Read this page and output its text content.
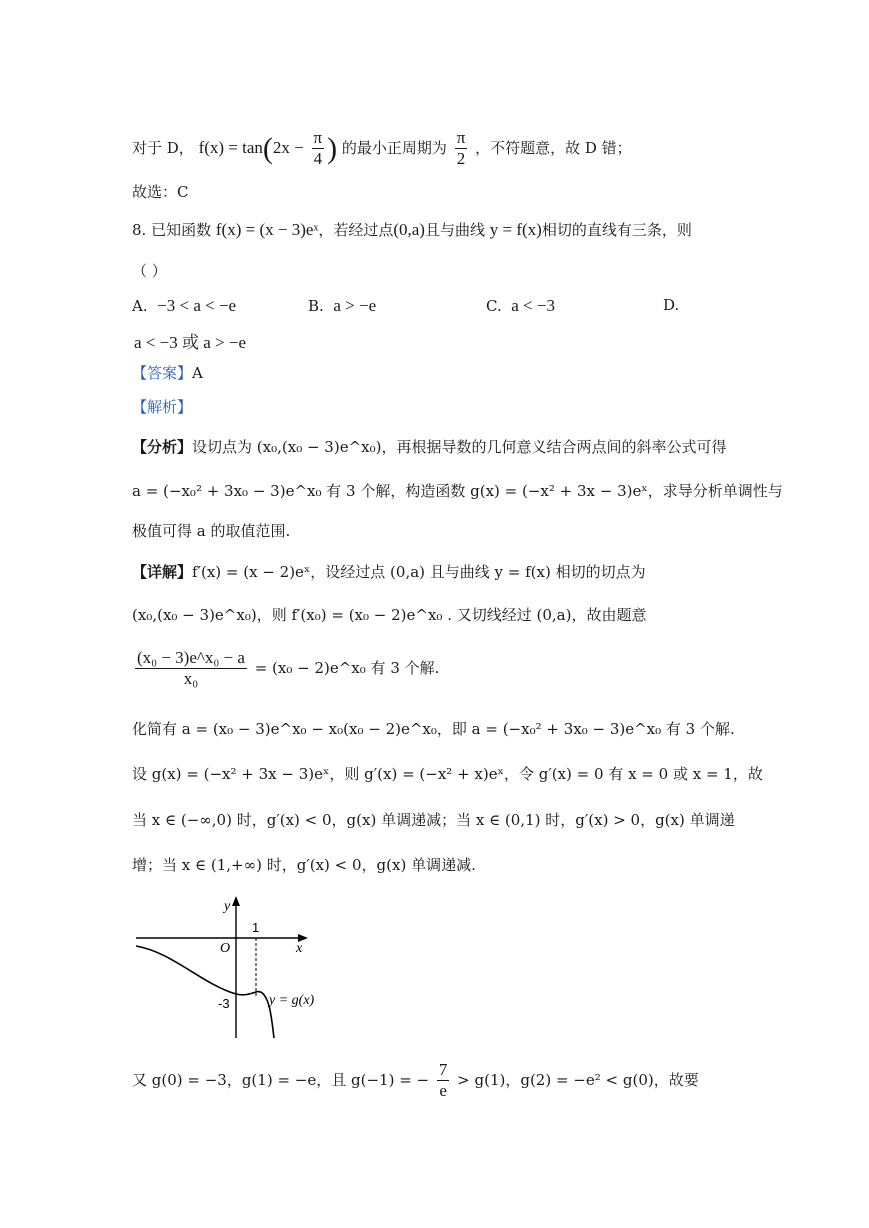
对于 D， $f(x) = \tan(2x - \frac{\pi}{4}$ ) 的最小正周期为 $\frac{\pi}{2}$ ，不符题意，故 D 错；
故选：C
8. 已知函数 f(x) = (x − 3)eˣ，若经过点(0,a)且与曲线 y = f(x)相切的直线有三条，则
（ ）
A. −3 < a < −e	B. a > −e	C. a < −3	D.
a < −3 或 a > −e
【答案】A
【解析】
【分析】设切点为 (x₀,(x₀ − 3)e^x₀)，再根据导数的几何意义结合两点间的斜率公式可得
a = (−x₀² + 3x₀ − 3)e^x₀ 有 3 个解，构造函数 g(x) = (−x² + 3x − 3)eˣ，求导分析单调性与
极值可得 a 的取值范围.
【详解】f′(x) = (x − 2)eˣ，设经过点 (0,a) 且与曲线 y = f(x) 相切的切点为
(x₀,(x₀ − 3)e^x₀)，则 f′(x₀) = (x₀ − 2)e^x₀ . 又切线经过 (0,a)，故由题意
$\frac{\text{(x₀ − 3)e\textasciicircum{}x₀ − a}}{\text{x₀}} = (x_0$ − 2)e^x₀ 有 3 个解.
化简有 a = (x₀ − 3)e^x₀ − x₀(x₀ − 2)e^x₀，即 a = (−x₀² + 3x₀ − 3)e^x₀ 有 3 个解.
设 g(x) = (−x² + 3x − 3)eˣ，则 g′(x) = (−x² + x)eˣ，令 g′(x) = 0 有 x = 0 或 x = 1，故
当 x ∈ (−∞,0) 时，g′(x) < 0，g(x) 单调递减；当 x ∈ (0,1) 时，g′(x) > 0，g(x) 单调递
增；当 x ∈ (1,+∞) 时，g′(x) < 0，g(x) 单调递减.
y
x
O
1
-3	y = g(x)
又 g(0) = −3，g(1) = −e，且 g(−1) = − $\frac{7}{e} > g(1)$，g(2) = −e² < g(0)，故要
